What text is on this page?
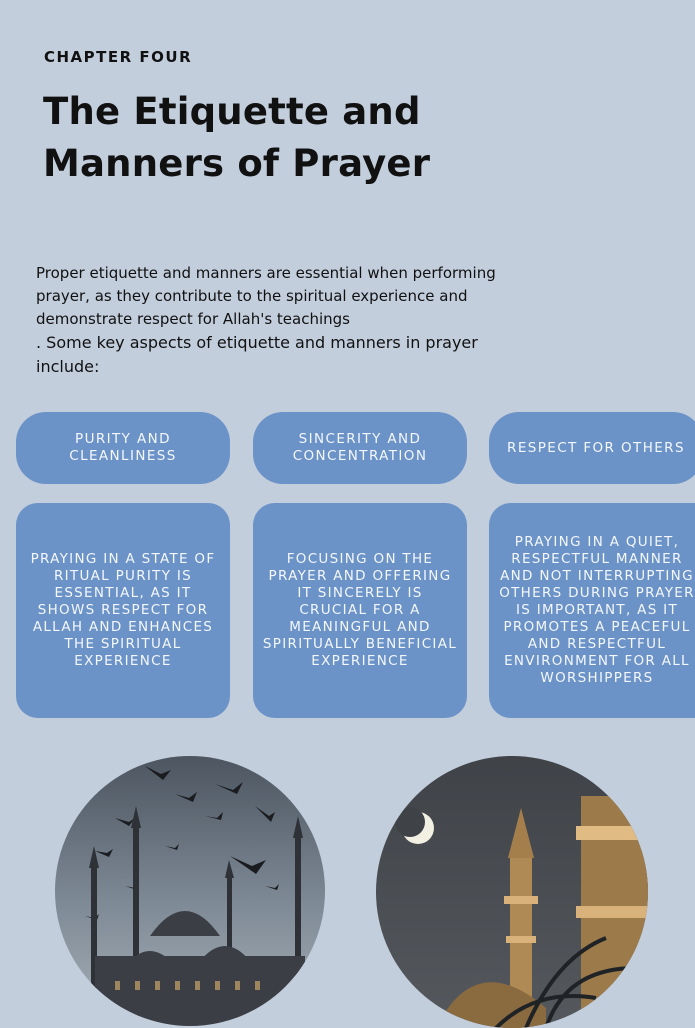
CHAPTER FOUR
The Etiquette and Manners of Prayer

Proper etiquette and manners are essential when performing
prayer, as they contribute to the spiritual experience and
demonstrate respect for Allah's teachings
. Some key aspects of etiquette and manners in prayer
include:

PURITY AND
CLEANLINESS
SINCERITY AND
CONCENTRATION
RESPECT FOR OTHERS
PRAYING IN A STATE OF
RITUAL PURITY IS
ESSENTIAL, AS IT
SHOWS RESPECT FOR
ALLAH AND ENHANCES
THE SPIRITUAL
EXPERIENCE
FOCUSING ON THE
PRAYER AND OFFERING
IT SINCERELY IS
CRUCIAL FOR A
MEANINGFUL AND
SPIRITUALLY BENEFICIAL
EXPERIENCE
PRAYING IN A QUIET,
RESPECTFUL MANNER
AND NOT INTERRUPTING
OTHERS DURING PRAYER
IS IMPORTANT, AS IT
PROMOTES A PEACEFUL
AND RESPECTFUL
ENVIRONMENT FOR ALL
WORSHIPPERS
